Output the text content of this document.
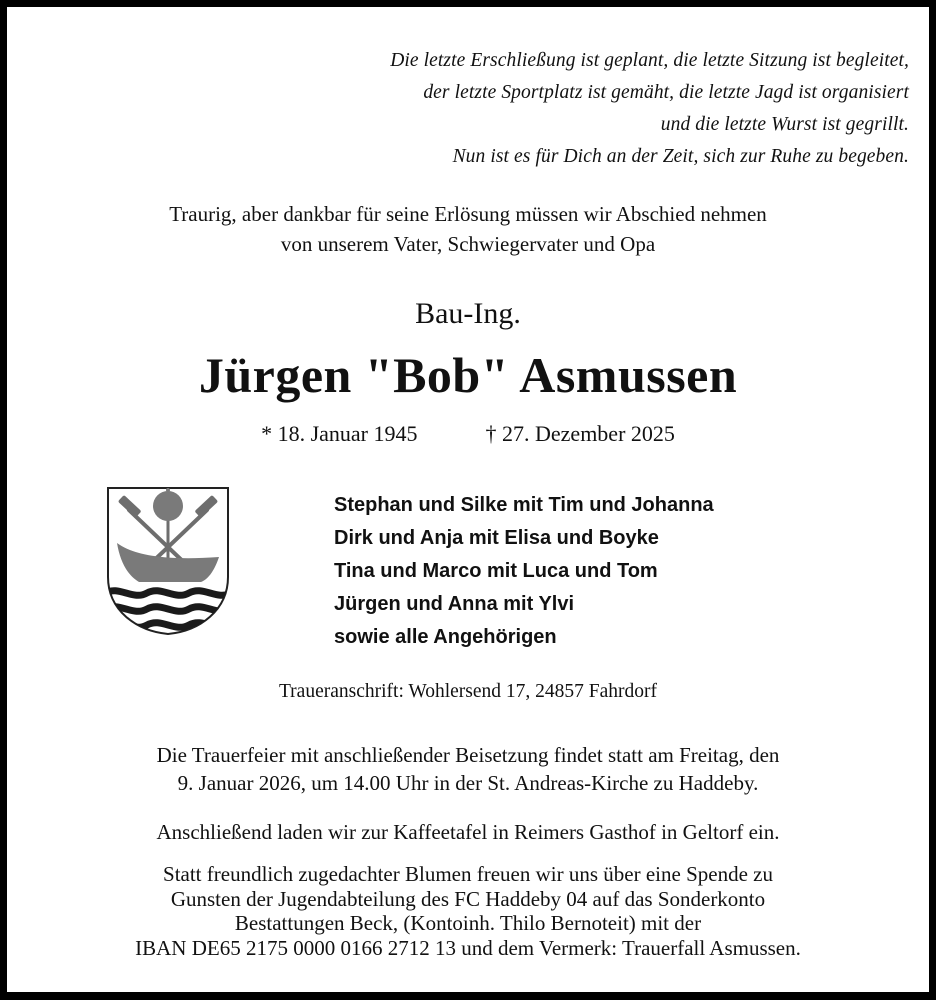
Die letzte Erschließung ist geplant, die letzte Sitzung ist begleitet,
der letzte Sportplatz ist gemäht, die letzte Jagd ist organisiert
und die letzte Wurst ist gegrillt.
Nun ist es für Dich an der Zeit, sich zur Ruhe zu begeben.
Traurig, aber dankbar für seine Erlösung müssen wir Abschied nehmen
von unserem Vater, Schwiegervater und Opa
Bau-Ing.
Jürgen "Bob" Asmussen
* 18. Januar 1945	† 27. Dezember 2025
Stephan und Silke mit Tim und Johanna
Dirk und Anja mit Elisa und Boyke
Tina und Marco mit Luca und Tom
Jürgen und Anna mit Ylvi
sowie alle Angehörigen
Traueranschrift: Wohlersend 17, 24857 Fahrdorf
Die Trauerfeier mit anschließender Beisetzung findet statt am Freitag, den
9. Januar 2026, um 14.00 Uhr in der St. Andreas-Kirche zu Haddeby.
Anschließend laden wir zur Kaffeetafel in Reimers Gasthof in Geltorf ein.
Statt freundlich zugedachter Blumen freuen wir uns über eine Spende zu
Gunsten der Jugendabteilung des FC Haddeby 04 auf das Sonderkonto
Bestattungen Beck, (Kontoinh. Thilo Bernoteit) mit der
IBAN DE65 2175 0000 0166 2712 13 und dem Vermerk: Trauerfall Asmussen.
